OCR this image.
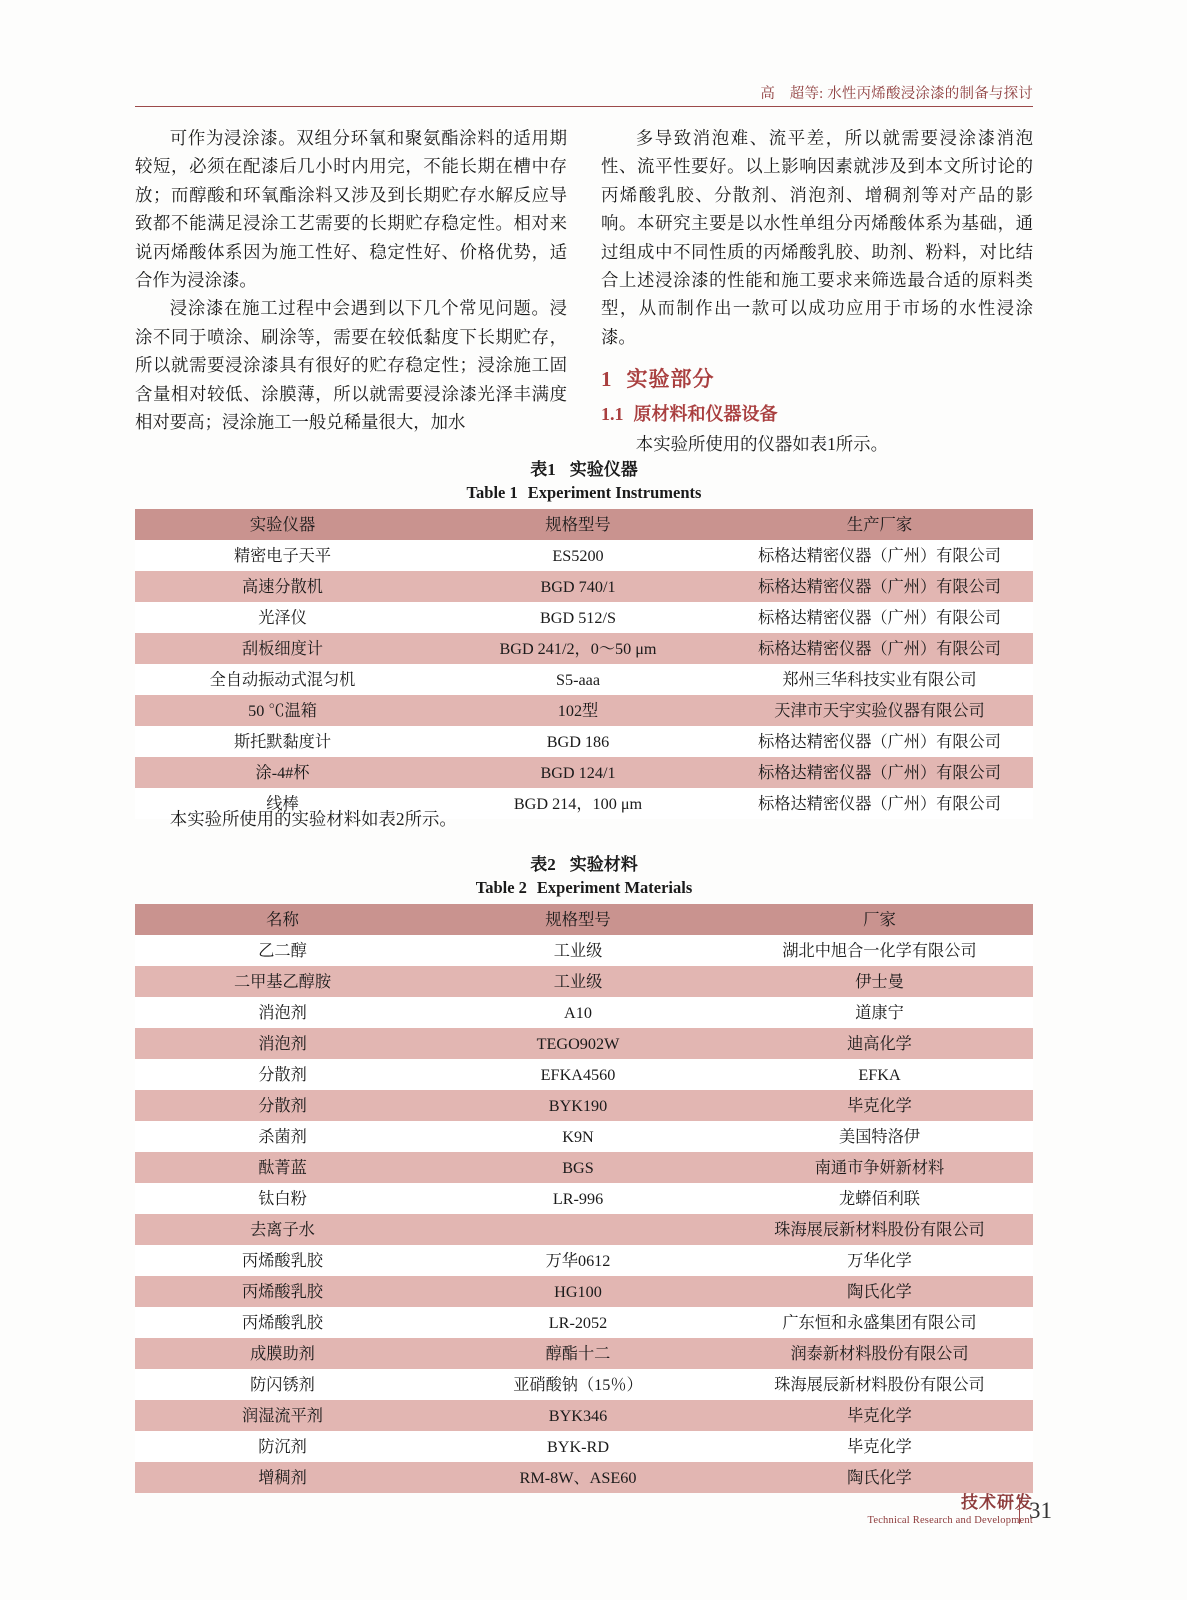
高　超等: 水性丙烯酸浸涂漆的制备与探讨

可作为浸涂漆。双组分环氧和聚氨酯涂料的适用期较短，必须在配漆后几小时内用完，不能长期在槽中存放；而醇酸和环氧酯涂料又涉及到长期贮存水解反应导致都不能满足浸涂工艺需要的长期贮存稳定性。相对来说丙烯酸体系因为施工性好、稳定性好、价格优势，适合作为浸涂漆。

浸涂漆在施工过程中会遇到以下几个常见问题。浸涂不同于喷涂、刷涂等，需要在较低黏度下长期贮存，所以就需要浸涂漆具有很好的贮存稳定性；浸涂施工固含量相对较低、涂膜薄，所以就需要浸涂漆光泽丰满度相对要高；浸涂施工一般兑稀量很大，加水

多导致消泡难、流平差，所以就需要浸涂漆消泡性、流平性要好。以上影响因素就涉及到本文所讨论的丙烯酸乳胶、分散剂、消泡剂、增稠剂等对产品的影响。本研究主要是以水性单组分丙烯酸体系为基础，通过组成中不同性质的丙烯酸乳胶、助剂、粉料，对比结合上述浸涂漆的性能和施工要求来筛选最合适的原料类型，从而制作出一款可以成功应用于市场的水性浸涂漆。

1 实验部分
1.1 原材料和仪器设备

本实验所使用的仪器如表1所示。

表1 实验仪器
Table 1 Experiment Instruments
实验仪器	规格型号	生产厂家
精密电子天平	ES5200	标格达精密仪器（广州）有限公司
高速分散机	BGD 740/1	标格达精密仪器（广州）有限公司
光泽仪	BGD 512/S	标格达精密仪器（广州）有限公司
刮板细度计	BGD 241/2，0～50 μm	标格达精密仪器（广州）有限公司
全自动振动式混匀机	S5-aaa	郑州三华科技实业有限公司
50 ℃温箱	102型	天津市天宇实验仪器有限公司
斯托默黏度计	BGD 186	标格达精密仪器（广州）有限公司
涂-4#杯	BGD 124/1	标格达精密仪器（广州）有限公司
线棒	BGD 214，100 μm	标格达精密仪器（广州）有限公司
本实验所使用的实验材料如表2所示。
表2 实验材料
Table 2 Experiment Materials
名称	规格型号	厂家
乙二醇	工业级	湖北中旭合一化学有限公司
二甲基乙醇胺	工业级	伊士曼
消泡剂	A10	道康宁
消泡剂	TEGO902W	迪高化学
分散剂	EFKA4560	EFKA
分散剂	BYK190	毕克化学
杀菌剂	K9N	美国特洛伊
酞菁蓝	BGS	南通市争妍新材料
钛白粉	LR-996	龙蟒佰利联
去离子水		珠海展辰新材料股份有限公司
丙烯酸乳胶	万华0612	万华化学
丙烯酸乳胶	HG100	陶氏化学
丙烯酸乳胶	LR-2052	广东恒和永盛集团有限公司
成膜助剂	醇酯十二	润泰新材料股份有限公司
防闪锈剂	亚硝酸钠（15％）	珠海展辰新材料股份有限公司
润湿流平剂	BYK346	毕克化学
防沉剂	BYK-RD	毕克化学
增稠剂	RM-8W、ASE60	陶氏化学
技术研发
Technical Research and Development
31
